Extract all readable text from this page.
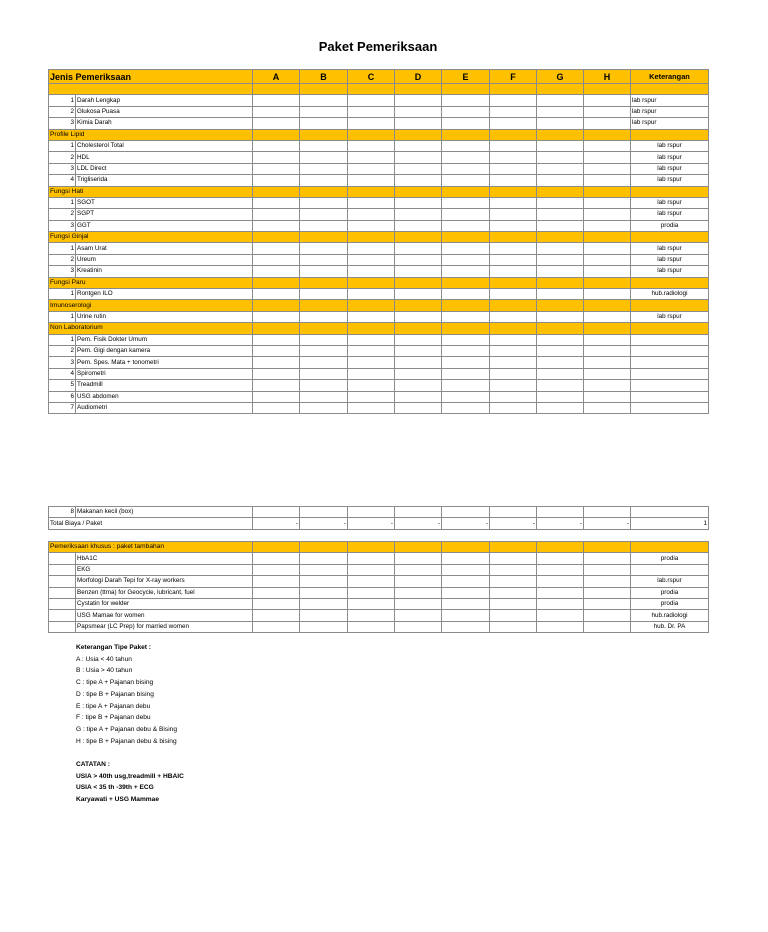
Paket Pemeriksaan
Jenis Pemeriksaan		A	B	C	D	E	F	G	H	Keterangan

1	Darah Lengkap									lab rspur
2	Glukosa Puasa									lab rspur
3	Kimia Darah									lab rspur
Profile Lipid										
1	Cholesterol Total									lab rspur
2	HDL									lab rspur
3	LDL Direct									lab rspur
4	Trigliserida									lab rspur
Fungsi Hati										
1	SGOT									lab rspur
2	SGPT									lab rspur
3	GGT									prodia
Fungsi Ginjal										
1	Asam Urat									lab rspur
2	Ureum									lab rspur
3	Kreatinin									lab rspur
Fungsi Paru										
1	Rontgen ILO									hub.radiologi
Imunoserologi										
1	Urine rutin									lab rspur
Non Laboratorium										
1	Pem. Fisik Dokter Umum									
2	Pem. Gigi dengan kamera									
3	Pem. Spes. Mata + tonometri									
4	Spirometri									
5	Treadmill									
6	USG abdomen									
7	Audiometri									
8	Makanan kecil (box)									
Total Biaya / Paket		-	-	-	-	-	-	-	-	1
Pemeriksaan khusus : paket tambahan										
	HbA1C									prodia
	EKG									
	Morfologi Darah Tepi for X-ray workers									lab.rspur
	Benzen (ttma) for Geocycle, lubricant, fuel									prodia
	Cystatin for welder									prodia
	USG Mamae for women									hub.radiologi
	Papsmear (LC Prep) for married women									hub. Dr. PA
Keterangan Tipe Paket :
A : Usia < 40 tahun
B : Usia > 40 tahun
C : tipe A + Pajanan bising
D : tipe B + Pajanan bising
E : tipe A + Pajanan debu
F : tipe B + Pajanan debu
G : tipe A + Pajanan debu & Bising
H : tipe B + Pajanan debu & bising
CATATAN :
USIA > 40th usg,treadmill + HBAIC
USIA < 35 th -39th + ECG
Karyawati + USG Mammae
